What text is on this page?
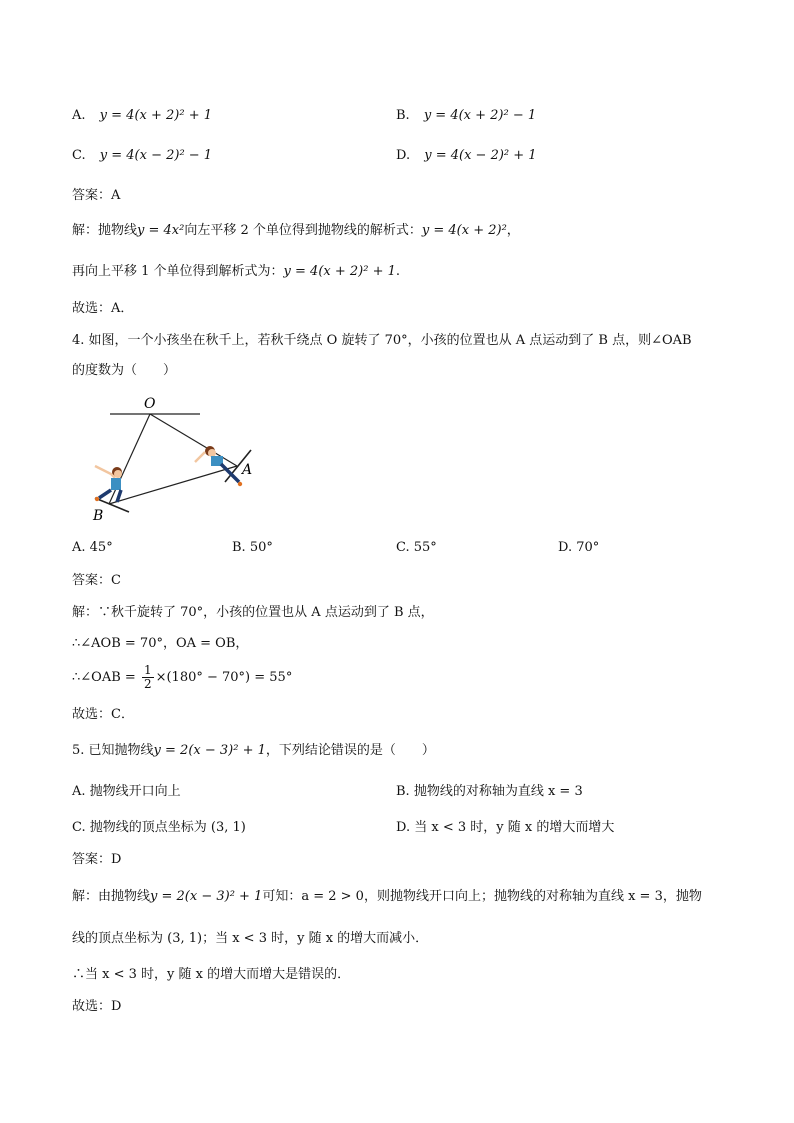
A. y = 4(x + 2)² + 1	B. y = 4(x + 2)² − 1
C. y = 4(x − 2)² − 1	D. y = 4(x − 2)² + 1
答案：A
解：抛物线y = 4x²向左平移 2 个单位得到抛物线的解析式：y = 4(x + 2)²，
再向上平移 1 个单位得到解析式为：y = 4(x + 2)² + 1.
故选：A．
4. 如图，一个小孩坐在秋千上，若秋千绕点 O 旋转了 70°，小孩的位置也从 A 点运动到了 B 点，则∠OAB
的度数为（　　）
O
A
B
A. 45°	B. 50°	C. 55°	D. 70°
答案：C
解：∵秋千旋转了 70°，小孩的位置也从 A 点运动到了 B 点，
∴∠AOB = 70°，OA = OB，
∴∠OAB = $\frac{1}{2} \times(180^\circ - 70^\circ) = 55^\circ$
故选：C．
5. 已知抛物线y = 2(x − 3)² + 1，下列结论错误的是（　　）
A. 抛物线开口向上	B. 抛物线的对称轴为直线 x = 3
C. 抛物线的顶点坐标为 (3, 1)	D. 当 x < 3 时，y 随 x 的增大而增大
答案：D
解：由抛物线y = 2(x − 3)² + 1可知：a = 2 > 0，则抛物线开口向上；抛物线的对称轴为直线 x = 3，抛物
线的顶点坐标为 (3, 1)；当 x < 3 时，y 随 x 的增大而减小．
∴当 x < 3 时，y 随 x 的增大而增大是错误的．
故选：D
